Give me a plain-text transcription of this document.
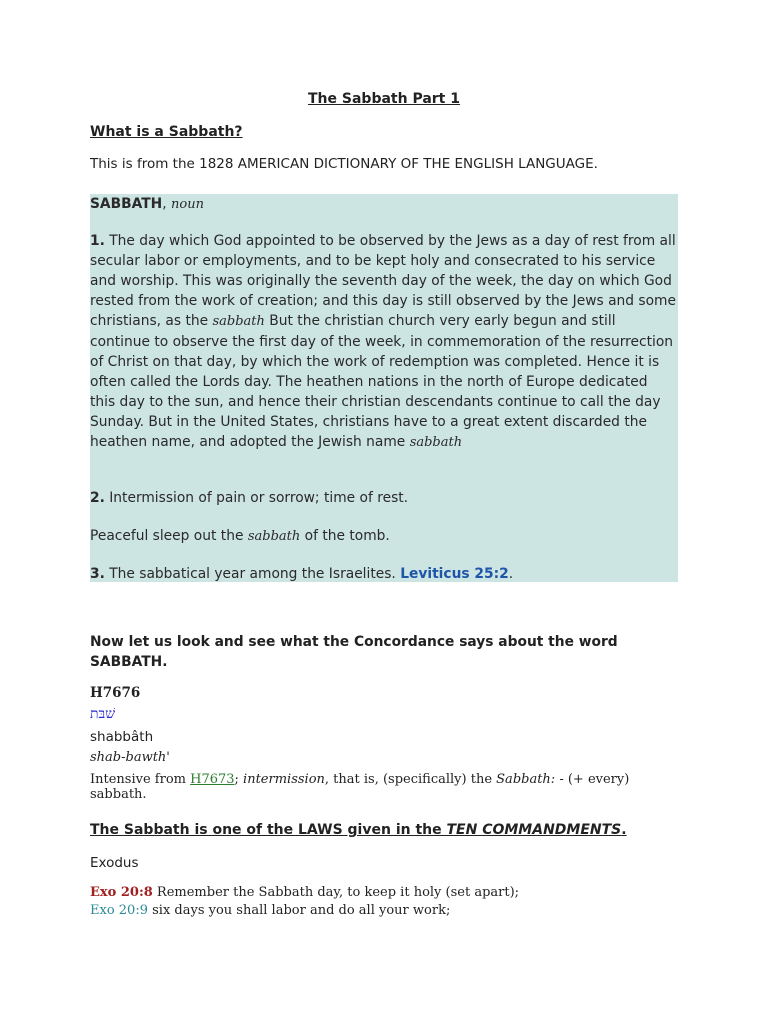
The Sabbath Part 1
What is a Sabbath?
This is from the 1828 AMERICAN DICTIONARY OF THE ENGLISH LANGUAGE.
SABBATH, noun
1. The day which God appointed to be observed by the Jews as a day of rest from all secular labor or employments, and to be kept holy and consecrated to his service and worship. This was originally the seventh day of the week, the day on which God rested from the work of creation; and this day is still observed by the Jews and some christians, as the sabbath But the christian church very early begun and still continue to observe the first day of the week, in commemoration of the resurrection of Christ on that day, by which the work of redemption was completed. Hence it is often called the Lords day. The heathen nations in the north of Europe dedicated this day to the sun, and hence their christian descendants continue to call the day Sunday. But in the United States, christians have to a great extent discarded the heathen name, and adopted the Jewish name sabbath
2. Intermission of pain or sorrow; time of rest.
Peaceful sleep out the sabbath of the tomb.
3. The sabbatical year among the Israelites. Leviticus 25:2.
Now let us look and see what the Concordance says about the word SABBATH.
H7676
שׁבּת
shabbâth
shab-bawth'
Intensive from H7673; intermission, that is, (specifically) the Sabbath: - (+ every) sabbath.
The Sabbath is one of the LAWS given in the TEN COMMANDMENTS.
Exodus
Exo 20:8 Remember the Sabbath day, to keep it holy (set apart);
Exo 20:9 six days you shall labor and do all your work;
